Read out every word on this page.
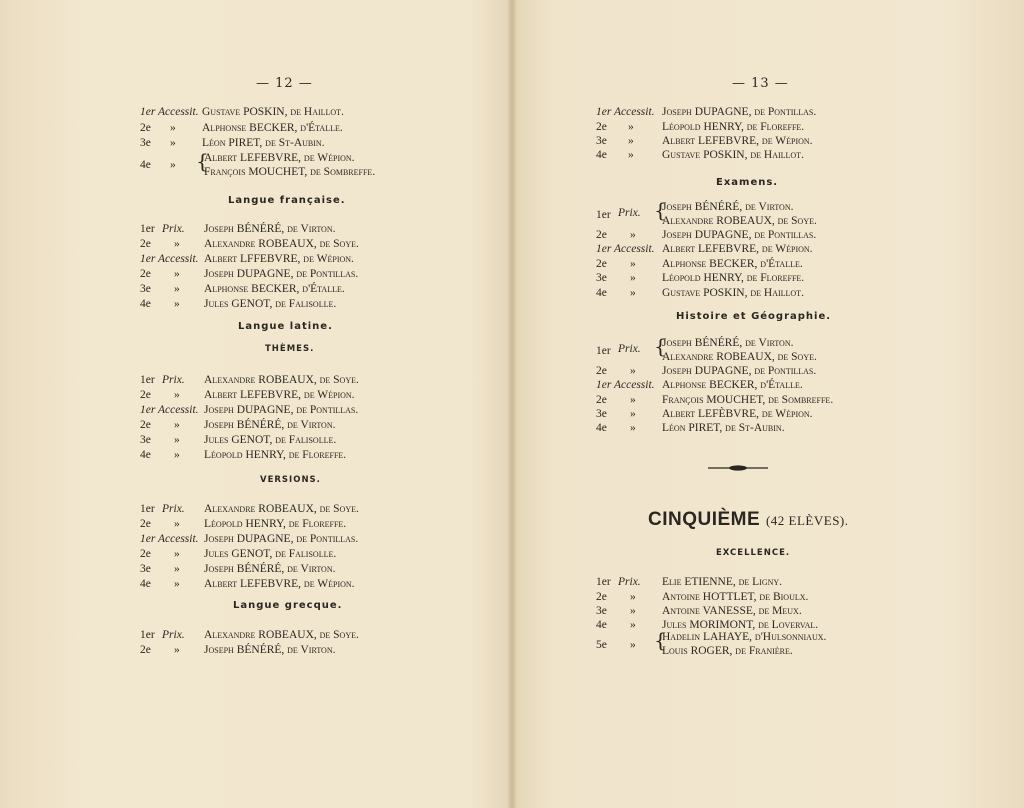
— 12 —
1er Accessit. Gustave POSKIN, de Haillot.
2e	»	Alphonse BECKER, d'Étalle.
3e	»	Léon PIRET, de St-Aubin.
4e	»	{
Albert LEFEBVRE, de Wépion.
François MOUCHET, de Sombreffe.
Langue française.
1er Prix. Joseph BÉNÉRÉ, de Virton.
2e	»	Alexandre ROBEAUX, de Soye.
1er Accessit. Albert LFFEBVRE, de Wépion.
2e	»	Joseph DUPAGNE, de Pontillas.
3e	»	Alphonse BECKER, d'Étalle.
4e	»	Jules GENOT, de Falisolle.
Langue latine.
THÈMES.
1er Prix. Alexandre ROBEAUX, de Soye.
2e	»	Albert LEFEBVRE, de Wépion.
1er Accessit. Joseph DUPAGNE, de Pontillas.
2e	»	Joseph BÉNÉRÉ, de Virton.
3e	»	Jules GENOT, de Falisolle.
4e	»	Léopold HENRY, de Floreffe.
VERSIONS.
1er Prix. Alexandre ROBEAUX, de Soye.
2e	»	Léopold HENRY, de Floreffe.
1er Accessit. Joseph DUPAGNE, de Pontillas.
2e	»	Jules GENOT, de Falisolle.
3e	»	Joseph BÉNÉRÉ, de Virton.
4e	»	Albert LEFEBVRE, de Wépion.
Langue grecque.
1er Prix. Alexandre ROBEAUX, de Soye.
2e	»	Joseph BÉNÉRÉ, de Virton.
— 13 —
1er Accessit. Joseph DUPAGNE, de Pontillas.
2e	»	Léopold HENRY, de Floreffe.
3e	»	Albert LEFEBVRE, de Wépion.
4e	»	Gustave POSKIN, de Haillot.
Examens.
1er Prix. {
Joseph BÉNÉRÉ, de Virton.
Alexandre ROBEAUX, de Soye.
2e	»	Joseph DUPAGNE, de Pontillas.
1er Accessit. Albert LEFEBVRE, de Wépion.
2e	»	Alphonse BECKER, d'Étalle.
3e	»	Léopold HENRY, de Floreffe.
4e	»	Gustave POSKIN, de Haillot.
Histoire et Géographie.
1er Prix. {
Joseph BÉNÉRÉ, de Virton.
Alexandre ROBEAUX, de Soye.
2e	»	Joseph DUPAGNE, de Pontillas.
1er Accessit. Alphonse BECKER, d'Étalle.
2e	»	François MOUCHET, de Sombreffe.
3e	»	Albert LEFÈBVRE, de Wépion.
4e	»	Léon PIRET, de St-Aubin.
CINQUIÈME (42 ELÈVES).
EXCELLENCE.
1er Prix. Elie ETIENNE, de Ligny.
2e	»	Antoine HOTTLET, de Bioulx.
3e	»	Antoine VANESSE, de Meux.
4e	»	Jules MORIMONT, de Loverval.
5e	» {
Hadelin LAHAYE, d'Hulsonniaux.
Louis ROGER, de Franière.
